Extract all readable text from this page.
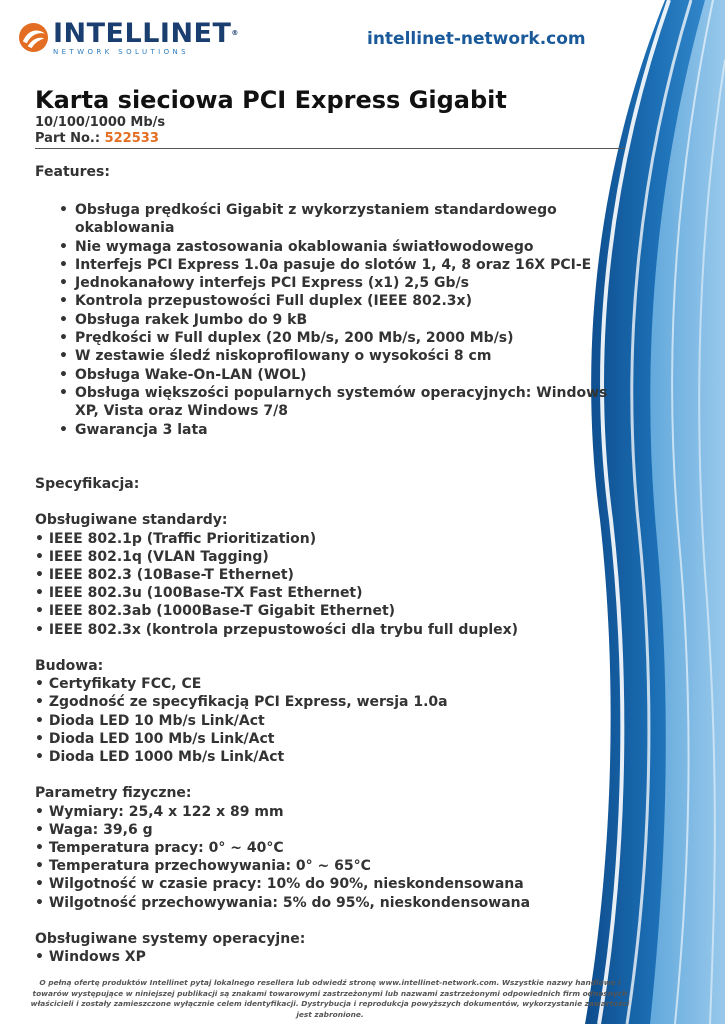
INTELLINET®
NETWORK SOLUTIONS
intellinet-network.com
Karta sieciowa PCI Express Gigabit
10/100/1000 Mb/s
Part No.: 522533
Features:
• Obsługa prędkości Gigabit z wykorzystaniem standardowego okablowania
• Nie wymaga zastosowania okablowania światłowodowego
• Interfejs PCI Express 1.0a pasuje do slotów 1, 4, 8 oraz 16X PCI-E
• Jednokanałowy interfejs PCI Express (x1) 2,5 Gb/s
• Kontrola przepustowości Full duplex (IEEE 802.3x)
• Obsługa rakek Jumbo do 9 kB
• Prędkości w Full duplex (20 Mb/s, 200 Mb/s, 2000 Mb/s)
• W zestawie śledź niskoprofilowany o wysokości 8 cm
• Obsługa Wake-On-LAN (WOL)
• Obsługa większości popularnych systemów operacyjnych: Windows XP, Vista oraz Windows 7/8
• Gwarancja 3 lata
Specyfikacja:
Obsługiwane standardy:
• IEEE 802.1p (Traffic Prioritization)
• IEEE 802.1q (VLAN Tagging)
• IEEE 802.3 (10Base-T Ethernet)
• IEEE 802.3u (100Base-TX Fast Ethernet)
• IEEE 802.3ab (1000Base-T Gigabit Ethernet)
• IEEE 802.3x (kontrola przepustowości dla trybu full duplex)
Budowa:
• Certyfikaty FCC, CE
• Zgodność ze specyfikacją PCI Express, wersja 1.0a
• Dioda LED 10 Mb/s Link/Act
• Dioda LED 100 Mb/s Link/Act
• Dioda LED 1000 Mb/s Link/Act
Parametry fizyczne:
• Wymiary: 25,4 x 122 x 89 mm
• Waga: 39,6 g
• Temperatura pracy: 0° ~ 40°C
• Temperatura przechowywania: 0° ~ 65°C
• Wilgotność w czasie pracy: 10% do 90%, nieskondensowana
• Wilgotność przechowywania: 5% do 95%, nieskondensowana
Obsługiwane systemy operacyjne:
• Windows XP
O pełną ofertę produktów Intellinet pytaj lokalnego resellera lub odwiedź stronę www.intellinet-network.com. Wszystkie nazwy handlowe i towarów występujące w niniejszej publikacji są znakami towarowymi zastrzeżonymi lub nazwami zastrzeżonymi odpowiednich firm odnośnych właścicieli i zostały zamieszczone wyłącznie celem identyfikacji. Dystrybucja i reprodukcja powyższych dokumentów, wykorzystanie zawartości jest zabronione.
